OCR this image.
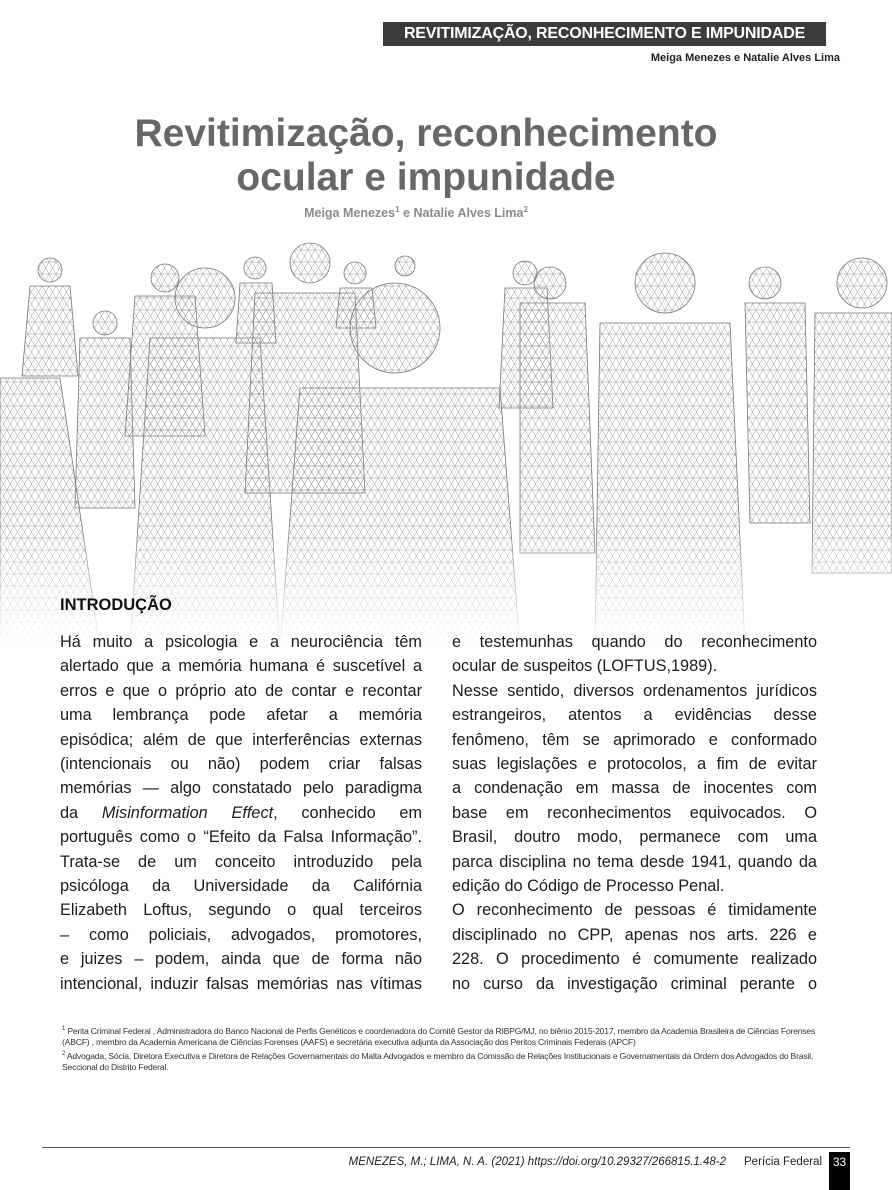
REVITIMIZAÇÃO, RECONHECIMENTO E IMPUNIDADE
Meiga Menezes e Natalie Alves Lima
Revitimização, reconhecimento
ocular e impunidade
Meiga Menezes$^1$ e Natalie Alves Lima$^2$
INTRODUÇÃO
Há muito a psicologia e a neurociência têm
alertado que a memória humana é suscetível a
erros e que o próprio ato de contar e recontar
uma lembrança pode afetar a memória
episódica; além de que interferências externas
(intencionais ou não) podem criar falsas
memórias — algo constatado pelo paradigma
da Misinformation Effect, conhecido em
português como o “Efeito da Falsa Informação”.
Trata-se de um conceito introduzido pela
psicóloga da Universidade da Califórnia
Elizabeth Loftus, segundo o qual terceiros
– como policiais, advogados, promotores,
e juizes – podem, ainda que de forma não
intencional, induzir falsas memórias nas vítimas
e testemunhas quando do reconhecimento
ocular de suspeitos (LOFTUS,1989).
Nesse sentido, diversos ordenamentos jurídicos
estrangeiros, atentos a evidências desse
fenômeno, têm se aprimorado e conformado
suas legislações e protocolos, a fim de evitar
a condenação em massa de inocentes com
base em reconhecimentos equivocados. O
Brasil, doutro modo, permanece com uma
parca disciplina no tema desde 1941, quando da
edição do Código de Processo Penal.
O reconhecimento de pessoas é timidamente
disciplinado no CPP, apenas nos arts. 226 e
228. O procedimento é comumente realizado
no curso da investigação criminal perante o
$^1$ Perita Criminal Federal , Administradora do Banco Nacional de Perfis Genéticos e coordenadora do Comitê Gestor da RIBPG/MJ, no biênio 2015-2017, membro da Academia Brasileira de Ciências Forenses (ABCF) , membro da Academia Americana de Ciências Forenses (AAFS) e secretária executiva adjunta da Associação dos Peritos Criminais Federais (APCF)
$^2$ Advogada, Sócia, Diretora Executiva e Diretora de Relações Governamentais do Malta Advogados e membro da Comissão de Relações Institucionais e Governamentais da Ordem dos Advogados do Brasil, Seccional do Distrito Federal.
MENEZES, M.; LIMA, N. A. (2021) https://doi.org/10.29327/266815.1.48-2 Perícia Federal 33
